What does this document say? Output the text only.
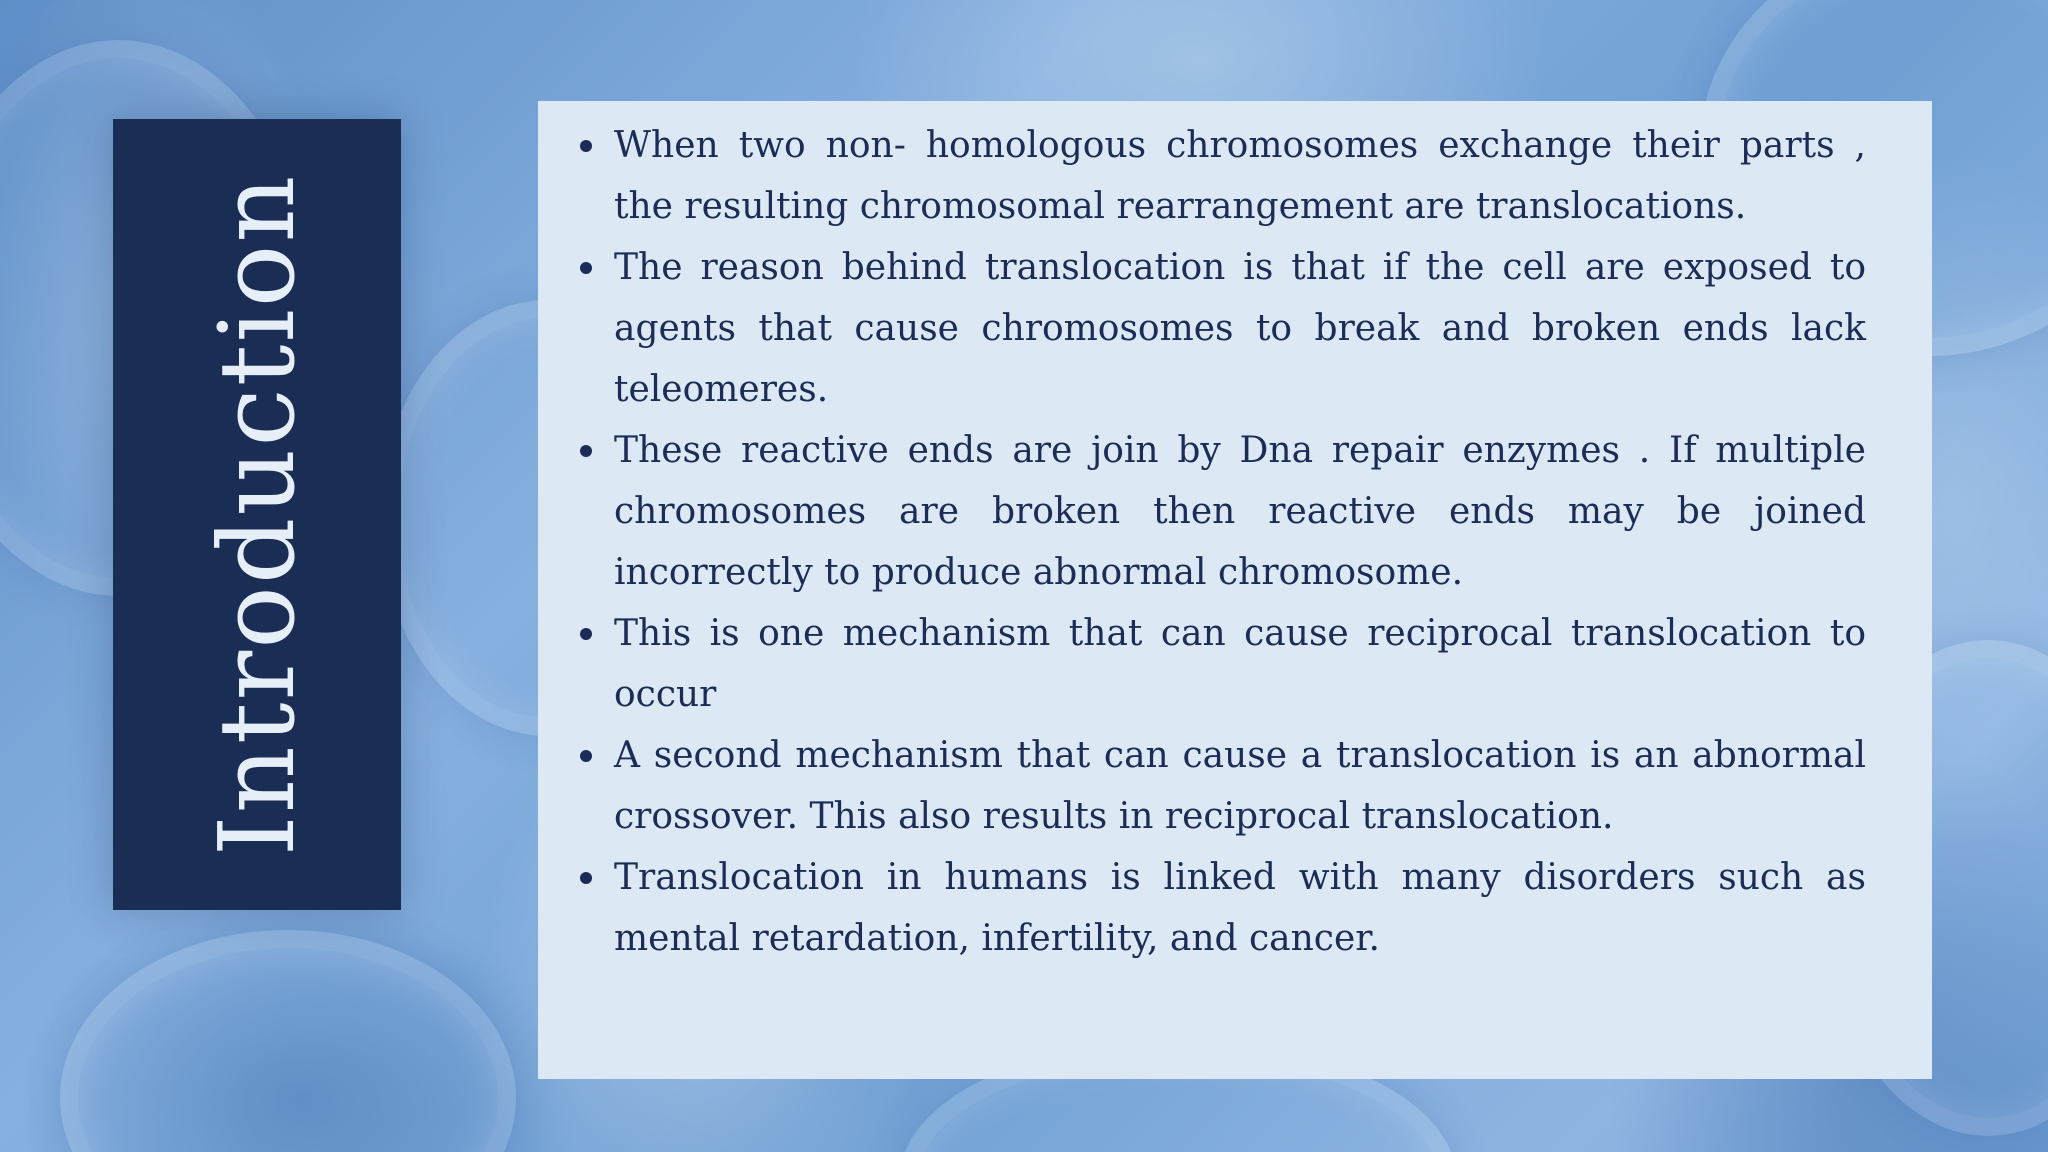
Introduction
When two non- homologous chromosomes exchange their parts , the resulting chromosomal rearrangement are translocations.
The reason behind translocation is that if the cell are exposed to agents that cause chromosomes to break and broken ends lack teleomeres.
These reactive ends are join by Dna repair enzymes . If multiple chromosomes are broken then reactive ends may be joined incorrectly to produce abnormal chromosome.
This is one mechanism that can cause reciprocal translocation to occur
A second mechanism that can cause a translocation is an abnormal crossover. This also results in reciprocal translocation.
Translocation in humans is linked with many disorders such as mental retardation, infertility, and cancer.
